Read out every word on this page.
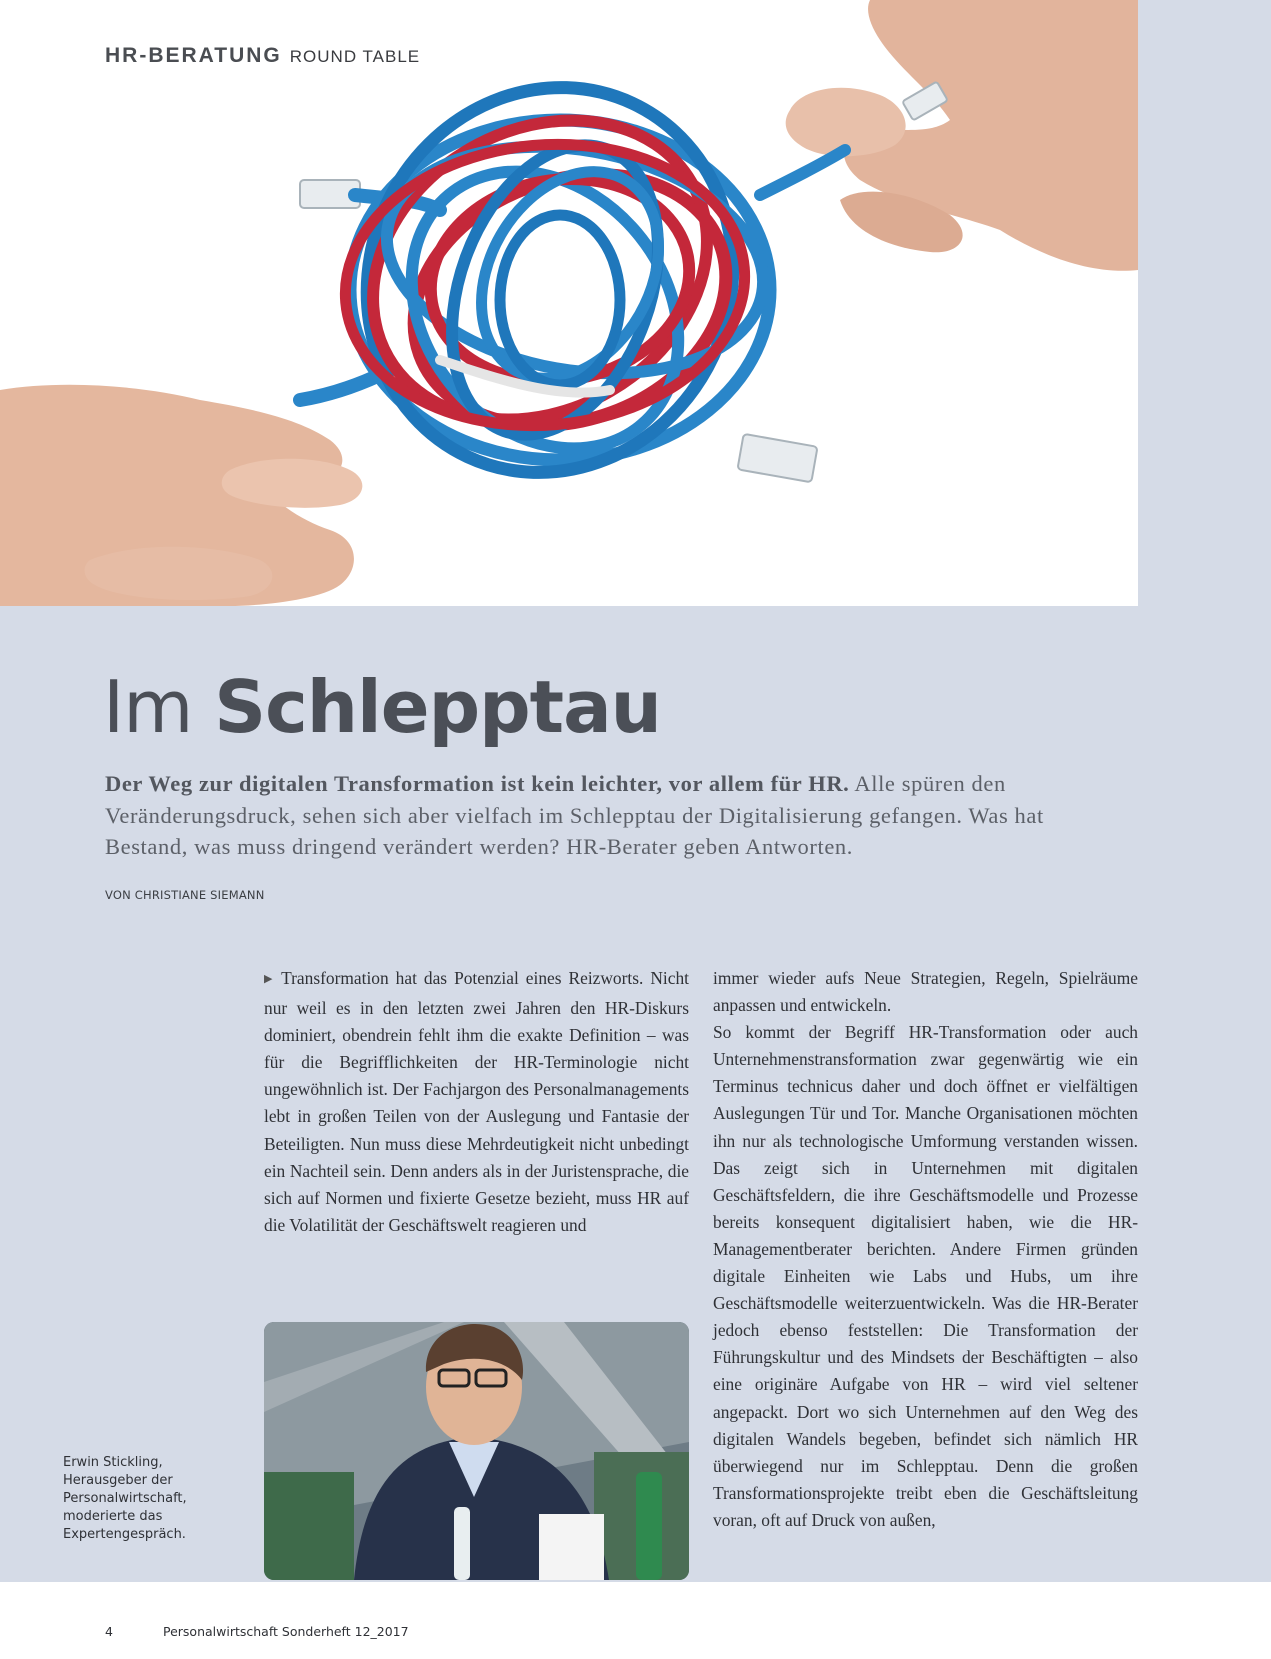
HR-BERATUNG ROUND TABLE
Im Schlepptau
Der Weg zur digitalen Transformation ist kein leichter, vor allem für HR. Alle spüren den Veränderungsdruck, sehen sich aber vielfach im Schlepptau der Digitalisierung gefangen. Was hat Bestand, was muss dringend verändert werden? HR-Berater geben Antworten.
VON CHRISTIANE SIEMANN

▶ Transformation hat das Potenzial eines Reizworts. Nicht nur weil es in den letzten zwei Jahren den HR-Diskurs dominiert, obendrein fehlt ihm die exakte Definition – was für die Begrifflichkeiten der HR-Terminologie nicht ungewöhnlich ist. Der Fachjargon des Personalmanagements lebt in großen Teilen von der Auslegung und Fantasie der Beteiligten. Nun muss diese Mehrdeutigkeit nicht unbedingt ein Nachteil sein. Denn anders als in der Juristensprache, die sich auf Normen und fixierte Gesetze bezieht, muss HR auf die Volatilität der Geschäftswelt reagieren und

immer wieder aufs Neue Strategien, Regeln, Spielräume anpassen und entwickeln.

So kommt der Begriff HR-Transformation oder auch Unternehmenstransformation zwar gegenwärtig wie ein Terminus technicus daher und doch öffnet er vielfältigen Auslegungen Tür und Tor. Manche Organisationen möchten ihn nur als technologische Umformung verstanden wissen. Das zeigt sich in Unternehmen mit digitalen Geschäftsfeldern, die ihre Geschäftsmodelle und Prozesse bereits konsequent digitalisiert haben, wie die HR-Managementberater berichten. Andere Firmen gründen digitale Einheiten wie Labs und Hubs, um ihre Geschäftsmodelle weiterzuentwickeln. Was die HR-Berater jedoch ebenso feststellen: Die Transformation der Führungskultur und des Mindsets der Beschäftigten – also eine originäre Aufgabe von HR – wird viel seltener angepackt. Dort wo sich Unternehmen auf den Weg des digitalen Wandels begeben, befindet sich nämlich HR überwiegend nur im Schlepptau. Denn die großen Transformationsprojekte treibt eben die Geschäftsleitung voran, oft auf Druck von außen,

Erwin Stickling, Herausgeber der Personalwirtschaft, moderierte das Expertengespräch.
4	Personalwirtschaft Sonderheft 12_2017
